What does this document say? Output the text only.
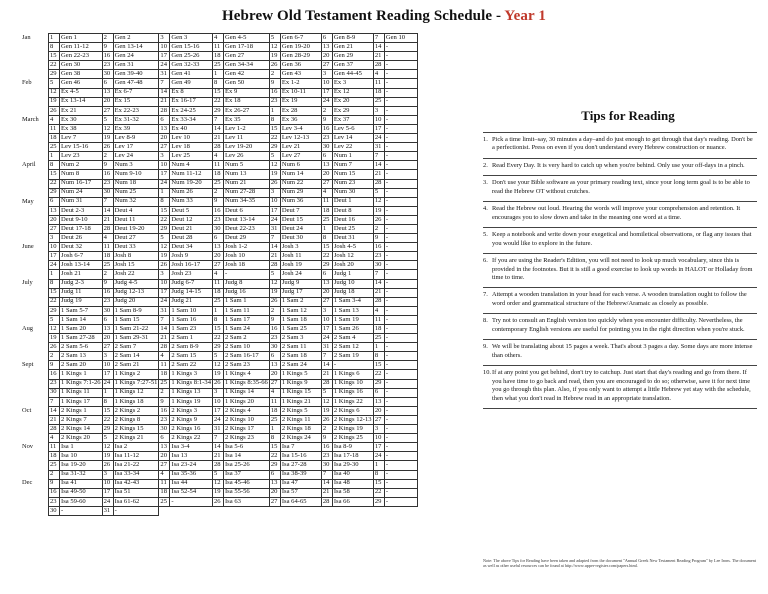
Hebrew Old Testament Reading Schedule - Year 1
Jan	1	Gen 1	2	Gen 2	3	Gen 3	4	Gen 4-5	5	Gen 6-7	6	Gen 8-9	7	Gen 10
	8	Gen 11-12	9	Gen 13-14	10	Gen 15-16	11	Gen 17-18	12	Gen 19-20	13	Gen 21	14	-
	15	Gen 22-23	16	Gen 24	17	Gen 25-26	18	Gen 27	19	Gen 28-29	20	Gen 29	21	-
	22	Gen 30	23	Gen 31	24	Gen 32-33	25	Gen 34-34	26	Gen 36	27	Gen 37	28	-
	29	Gen 38	30	Gen 39-40	31	Gen 41	1	Gen 42	2	Gen 43	3	Gen 44-45	4	-
Feb	5	Gen 46	6	Gen 47-48	7	Gen 49	8	Gen 50	9	Ex 1-2	10	Ex 3	11	-
	12	Ex 4-5	13	Ex 6-7	14	Ex 8	15	Ex 9	16	Ex 10-11	17	Ex 12	18	-
	19	Ex 13-14	20	Ex 15	21	Ex 16-17	22	Ex 18	23	Ex 19	24	Ex 20	25	-
	26	Ex 21	27	Ex 22-23	28	Ex 24-25	29	Ex 26-27	1	Ex 28	2	Ex 29	3	-
March	4	Ex 30	5	Ex 31-32	6	Ex 33-34	7	Ex 35	8	Ex 36	9	Ex 37	10	-
	11	Ex 38	12	Ex 39	13	Ex 40	14	Lev 1-2	15	Lev 3-4	16	Lev 5-6	17	-
	18	Lev 7	19	Lev 8-9	20	Lev 10	21	Lev 11	22	Lev 12-13	23	Lev 14	24	-
	25	Lev 15-16	26	Lev 17	27	Lev 18	28	Lev 19-20	29	Lev 21	30	Lev 22	31	-
	1	Lev 23	2	Lev 24	3	Lev 25	4	Lev 26	5	Lev 27	6	Num 1	7	-
April	8	Num 2	9	Num 3	10	Num 4	11	Num 5	12	Num 6	13	Num 7	14	-
	15	Num 8	16	Num 9-10	17	Num 11-12	18	Num 13	19	Num 14	20	Num 15	21	-
	22	Num 16-17	23	Num 18	24	Num 19-20	25	Num 21	26	Num 22	27	Num 23	28	-
	29	Num 24	30	Num 25	1	Num 26	2	Num 27-28	3	Num 29	4	Num 30	5	-
May	6	Num 31	7	Num 32	8	Num 33	9	Num 34-35	10	Num 36	11	Deut 1	12	-
	13	Deut 2-3	14	Deut 4	15	Deut 5	16	Deut 6	17	Deut 7	18	Deut 8	19	-
	20	Deut 9-10	21	Deut 11	22	Deut 12	23	Deut 13-14	24	Deut 15	25	Deut 16	26	-
	27	Deut 17-18	28	Deut 19-20	29	Deut 21	30	Deut 22-23	31	Deut 24	1	Deut 25	2	-
	3	Deut 26	4	Deut 27	5	Deut 28	6	Deut 29	7	Deut 30	8	Deut 31	9	-
June	10	Deut 32	11	Deut 33	12	Deut 34	13	Josh 1-2	14	Josh 3	15	Josh 4-5	16	-
	17	Josh 6-7	18	Josh 8	19	Josh 9	20	Josh 10	21	Josh 11	22	Josh 12	23	-
	24	Josh 13-14	25	Josh 15	26	Josh 16-17	27	Josh 18	28	Josh 19	29	Josh 20	30	-
	1	Josh 21	2	Josh 22	3	Josh 23	4	-	5	Josh 24	6	Judg 1	7	-
July	8	Judg 2-3	9	Judg 4-5	10	Judg 6-7	11	Judg 8	12	Judg 9	13	Judg 10	14	-
	15	Judg 11	16	Judg 12-13	17	Judg 14-15	18	Judg 16	19	Judg 17	20	Judg 18	21	-
	22	Judg 19	23	Judg 20	24	Judg 21	25	1 Sam 1	26	1 Sam 2	27	1 Sam 3-4	28	-
	29	1 Sam 5-7	30	1 Sam 8-9	31	1 Sam 10	1	1 Sam 11	2	1 Sam 12	3	1 Sam 13	4	-
	5	1 Sam 14	6	1 Sam 15	7	1 Sam 16	8	1 Sam 17	9	1 Sam 18	10	1 Sam 19	11	-
Aug	12	1 Sam 20	13	1 Sam 21-22	14	1 Sam 23	15	1 Sam 24	16	1 Sam 25	17	1 Sam 26	18	-
	19	1 Sam 27-28	20	1 Sam 29-31	21	2 Sam 1	22	2 Sam 2	23	2 Sam 3	24	2 Sam 4	25	-
	26	2 Sam 5-6	27	2 Sam 7	28	2 Sam 8-9	29	2 Sam 10	30	2 Sam 11	31	2 Sam 12	1	-
	2	2 Sam 13	3	2 Sam 14	4	2 Sam 15	5	2 Sam 16-17	6	2 Sam 18	7	2 Sam 19	8	-
Sept	9	2 Sam 20	10	2 Sam 21	11	2 Sam 22	12	2 Sam 23	13	2 Sam 24	14	-	15	-
	16	1 Kings 1	17	1 Kings 2	18	1 Kings 3	19	1 Kings 4	20	1 Kings 5	21	1 Kings 6	22	-
	23	1 Kings 7:1-26	24	1 Kings 7:27-51	25	1 Kings 8:1-34	26	1 Kings 8:35-66	27	1 Kings 9	28	1 Kings 10	29	-
	30	1 Kings 11	1	1 Kings 12	2	1 Kings 13	3	1 Kings 14	4	1 Kings 15	5	1 Kings 16	6	-
	7	1 Kings 17	8	1 Kings 18	9	1 Kings 19	10	1 Kings 20	11	1 Kings 21	12	1 Kings 22	13	-
Oct	14	2 Kings 1	15	2 Kings 2	16	2 Kings 3	17	2 Kings 4	18	2 Kings 5	19	2 Kings 6	20	-
	21	2 Kings 7	22	2 Kings 8	23	2 Kings 9	24	2 Kings 10	25	2 Kings 11	26	2 Kings 12-13	27	-
	28	2 Kings 14	29	2 Kings 15	30	2 Kings 16	31	2 Kings 17	1	2 Kings 18	2	2 Kings 19	3	-
	4	2 Kings 20	5	2 Kings 21	6	2 Kings 22	7	2 Kings 23	8	2 Kings 24	9	2 Kings 25	10	-
Nov	11	Isa 1	12	Isa 2	13	Isa 3-4	14	Isa 5-6	15	Isa 7	16	Isa 8-9	17	-
	18	Isa 10	19	Isa 11-12	20	Isa 13	21	Isa 14	22	Isa 15-16	23	Isa 17-18	24	-
	25	Isa 19-20	26	Isa 21-22	27	Isa 23-24	28	Isa 25-26	29	Isa 27-28	30	Isa 29-30	1	-
	2	Isa 31-32	3	Isa 33-34	4	Isa 35-36	5	Isa 37	6	Isa 38-39	7	Isa 40	8	-
Dec	9	Isa 41	10	Isa 42-43	11	Isa 44	12	Isa 45-46	13	Isa 47	14	Isa 48	15	-
	16	Isa 49-50	17	Isa 51	18	Isa 52-54	19	Isa 55-56	20	Isa 57	21	Isa 58	22	-
	23	Isa 59-60	24	Isa 61-62	25	-	26	Isa 63	27	Isa 64-65	28	Isa 66	29	-
	30	-	31	-										
Tips for Reading
1. Pick a time limit–say, 30 minutes a day–and do just enough to get through that day's reading. Don't be a perfectionist. Press on even if you don't understand every Hebrew construction or nuance.
2. Read Every Day. It is very hard to catch up when you're behind. Only use your off-days in a pinch.
3. Don't use your Bible software as your primary reading text, since your long term goal is to be able to read the Hebrew OT without crutches.
4. Read the Hebrew out loud. Hearing the words will improve your comprehension and retention. It encourages you to slow down and take in the meaning one word at a time.
5. Keep a notebook and write down your exegetical and homiletical observations, or flag any issues that you would like to explore in the future.
6. If you are using the Reader's Edition, you will not need to look up much vocabulary, since this is provided in the footnotes. But it is still a good exercise to look up words in HALOT or Holladay from time to time.
7. Attempt a wooden translation in your head for each verse. A wooden translation ought to follow the word order and grammatical structure of the Hebrew/Aramaic as closely as possible.
8. Try not to consult an English version too quickly when you encounter difficulty. Nevertheless, the contemporary English versions are useful for pointing you in the right direction when you're stuck.
9. We will be translating about 15 pages a week. That's about 3 pages a day. Some days are more intense than others.
10. If at any point you get behind, don't try to catchup. Just start that day's reading and go from there. If you have time to go back and read, then you are encouraged to do so; otherwise, save it for next time you go through this plan. Also, if you only want to attempt a little Hebrew yet stay with the schedule, then what you don't read in Hebrew read in an appropriate translation.
Note: The above Tips for Reading have been taken and adapted from the document "Annual Greek New Testament Reading Program" by Lee Irons. The document as well as other useful resources can be found at http://www.upper-register.com/papers.html.
